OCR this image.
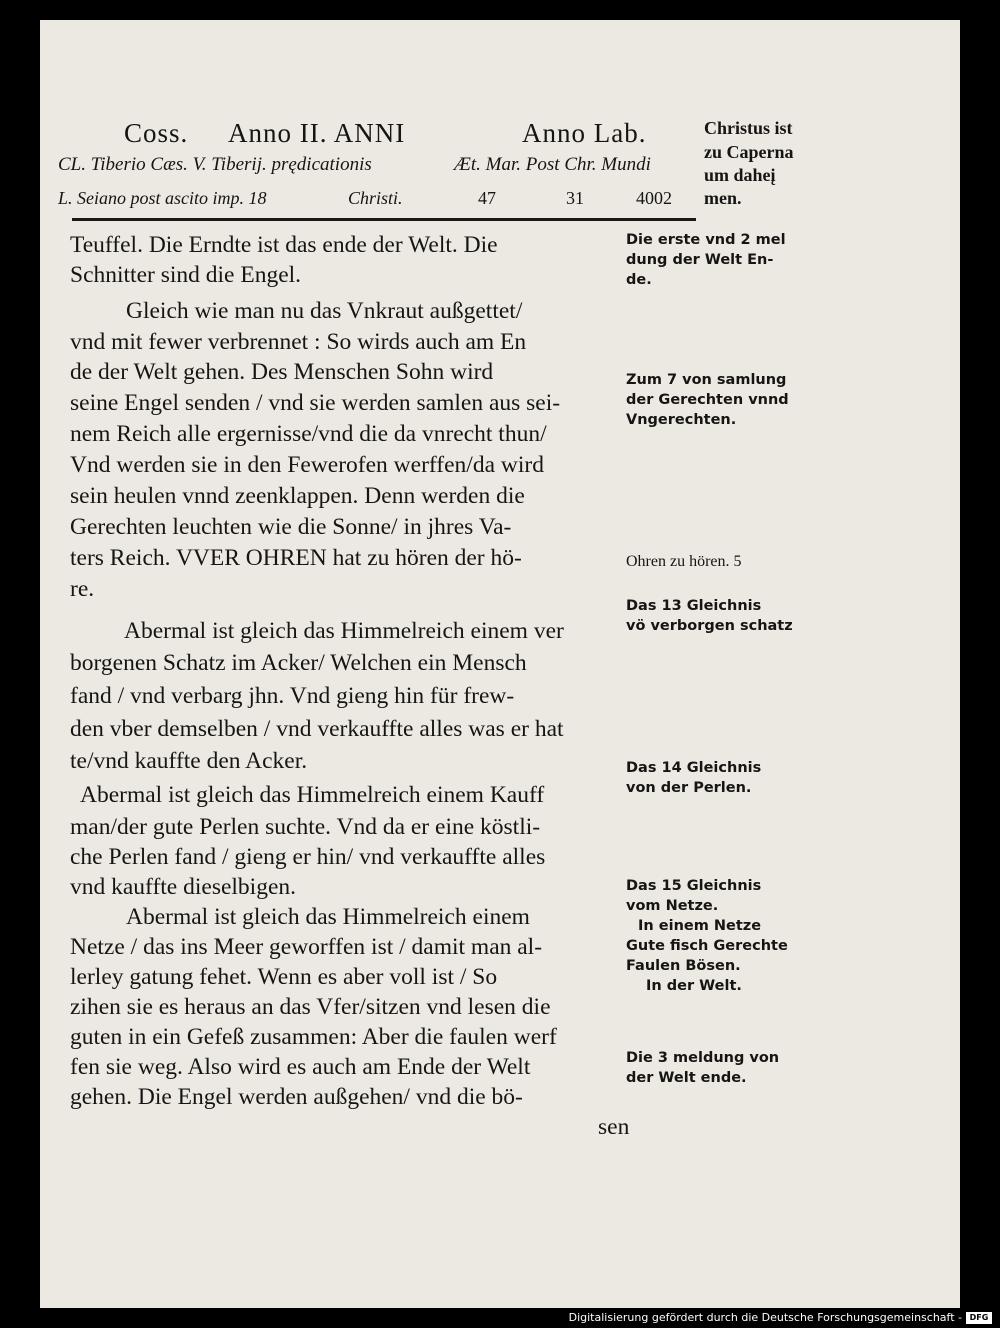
Coss. Anno II. ANNI	Anno Lab.	Christus ist
CL. Tiberio Cæs. V. Tiberij. prędicationis	Æt. Mar. Post Chr. Mundi
zu Caperna
um daheį
L. Seiano post ascito imp. 18	Christi.	47	31	4002 men.
Teuffel. Die Erndte ist das ende der Welt. Die
Schnitter sind die Engel.
Gleich wie man nu das Vnkraut außgettet/
vnd mit fewer verbrennet : So wirds auch am En
de der Welt gehen. Des Menschen Sohn wird
seine Engel senden / vnd sie werden samlen aus sei-
nem Reich alle ergernisse/vnd die da vnrecht thun/
Vnd werden sie in den Fewerofen werffen/da wird
sein heulen vnnd zeenklappen. Denn werden die
Gerechten leuchten wie die Sonne/ in jhres Va-
ters Reich. VVER OHREN hat zu hören der hö-
re.
Abermal ist gleich das Himmelreich einem ver
borgenen Schatz im Acker/ Welchen ein Mensch
fand / vnd verbarg jhn. Vnd gieng hin für frew-
den vber demselben / vnd verkauffte alles was er hat
te/vnd kauffte den Acker.
Abermal ist gleich das Himmelreich einem Kauff
man/der gute Perlen suchte. Vnd da er eine köstli-
che Perlen fand / gieng er hin/ vnd verkauffte alles
vnd kauffte dieselbigen.
Abermal ist gleich das Himmelreich einem
Netze / das ins Meer geworffen ist / damit man al-
lerley gatung fehet. Wenn es aber voll ist / So
zihen sie es heraus an das Vfer/sitzen vnd lesen die
guten in ein Gefeß zusammen: Aber die faulen werf
fen sie weg. Also wird es auch am Ende der Welt
gehen. Die Engel werden außgehen/ vnd die bö-
sen
Die erste vnd 2 mel
dung der Welt En-
de.
Zum 7 von samlung
der Gerechten vnnd
Vngerechten.
Ohren zu hören. 5
Das 13 Gleichnis
vö verborgen schatz
Das 14 Gleichnis
von der Perlen.
Das 15 Gleichnis
vom Netze.
In einem Netze
Gute fisch Gerechte
Faulen Bösen.
In der Welt.
Die 3 meldung von
der Welt ende.
Digitalisierung gefördert durch die Deutsche Forschungsgemeinschaft - DFG
